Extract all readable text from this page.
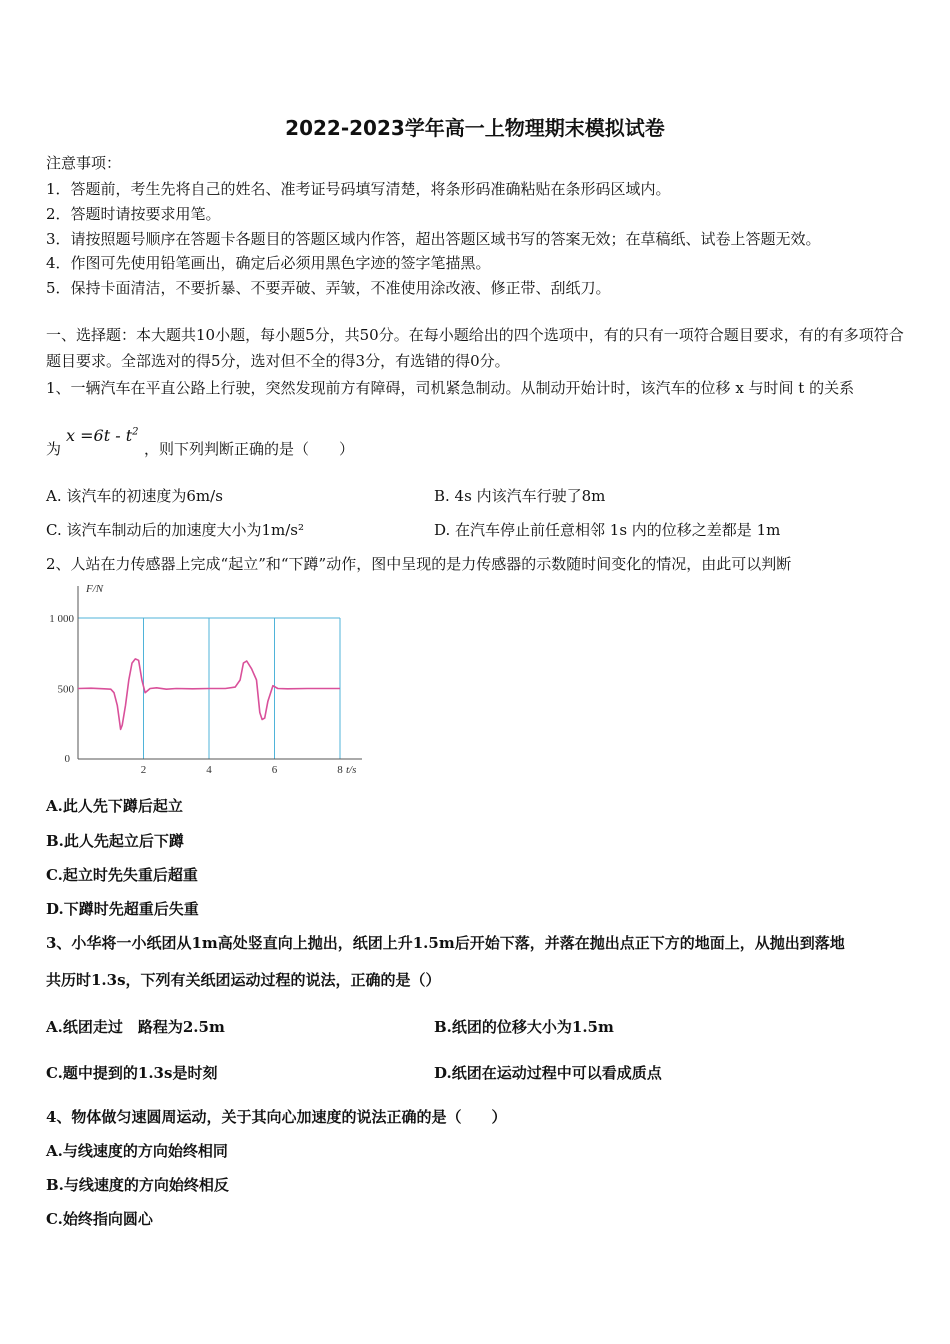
2022-2023学年高一上物理期末模拟试卷
注意事项：
1．答题前，考生先将自己的姓名、准考证号码填写清楚，将条形码准确粘贴在条形码区域内。
2．答题时请按要求用笔。
3．请按照题号顺序在答题卡各题目的答题区域内作答，超出答题区域书写的答案无效；在草稿纸、试卷上答题无效。
4．作图可先使用铅笔画出，确定后必须用黑色字迹的签字笔描黑。
5．保持卡面清洁，不要折暴、不要弄破、弄皱，不准使用涂改液、修正带、刮纸刀。
一、选择题：本大题共10小题，每小题5分，共50分。在每小题给出的四个选项中，有的只有一项符合题目要求，有的有多项符合题目要求。全部选对的得5分，选对但不全的得3分，有选错的得0分。
1、一辆汽车在平直公路上行驶，突然发现前方有障碍，司机紧急制动。从制动开始计时，该汽车的位移 x 与时间 t 的关系
为
$x =6t - t^2$
，则下列判断正确的是（　　）
A. 该汽车的初速度为6m/s	B. 4s 内该汽车行驶了8m
C. 该汽车制动后的加速度大小为1m/s²	D. 在汽车停止前任意相邻 1s 内的位移之差都是 1m
2、人站在力传感器上完成“起立”和“下蹲”动作，图中呈现的是力传感器的示数随时间变化的情况，由此可以判断
2	4	6	8
500
1 000
0
F/N
t/s
A.此人先下蹲后起立
B.此人先起立后下蹲
C.起立时先失重后超重
D.下蹲时先超重后失重
3、小华将一小纸团从1m高处竖直向上抛出，纸团上升1.5m后开始下落，并落在抛出点正下方的地面上，从抛出到落地
共历时1.3s，下列有关纸团运动过程的说法，正确的是（）
A.纸团走过　路程为2.5m	B.纸团的位移大小为1.5m
C.题中提到的1.3s是时刻	D.纸团在运动过程中可以看成质点
4、物体做匀速圆周运动，关于其向心加速度的说法正确的是（　　）
A.与线速度的方向始终相同
B.与线速度的方向始终相反
C.始终指向圆心
